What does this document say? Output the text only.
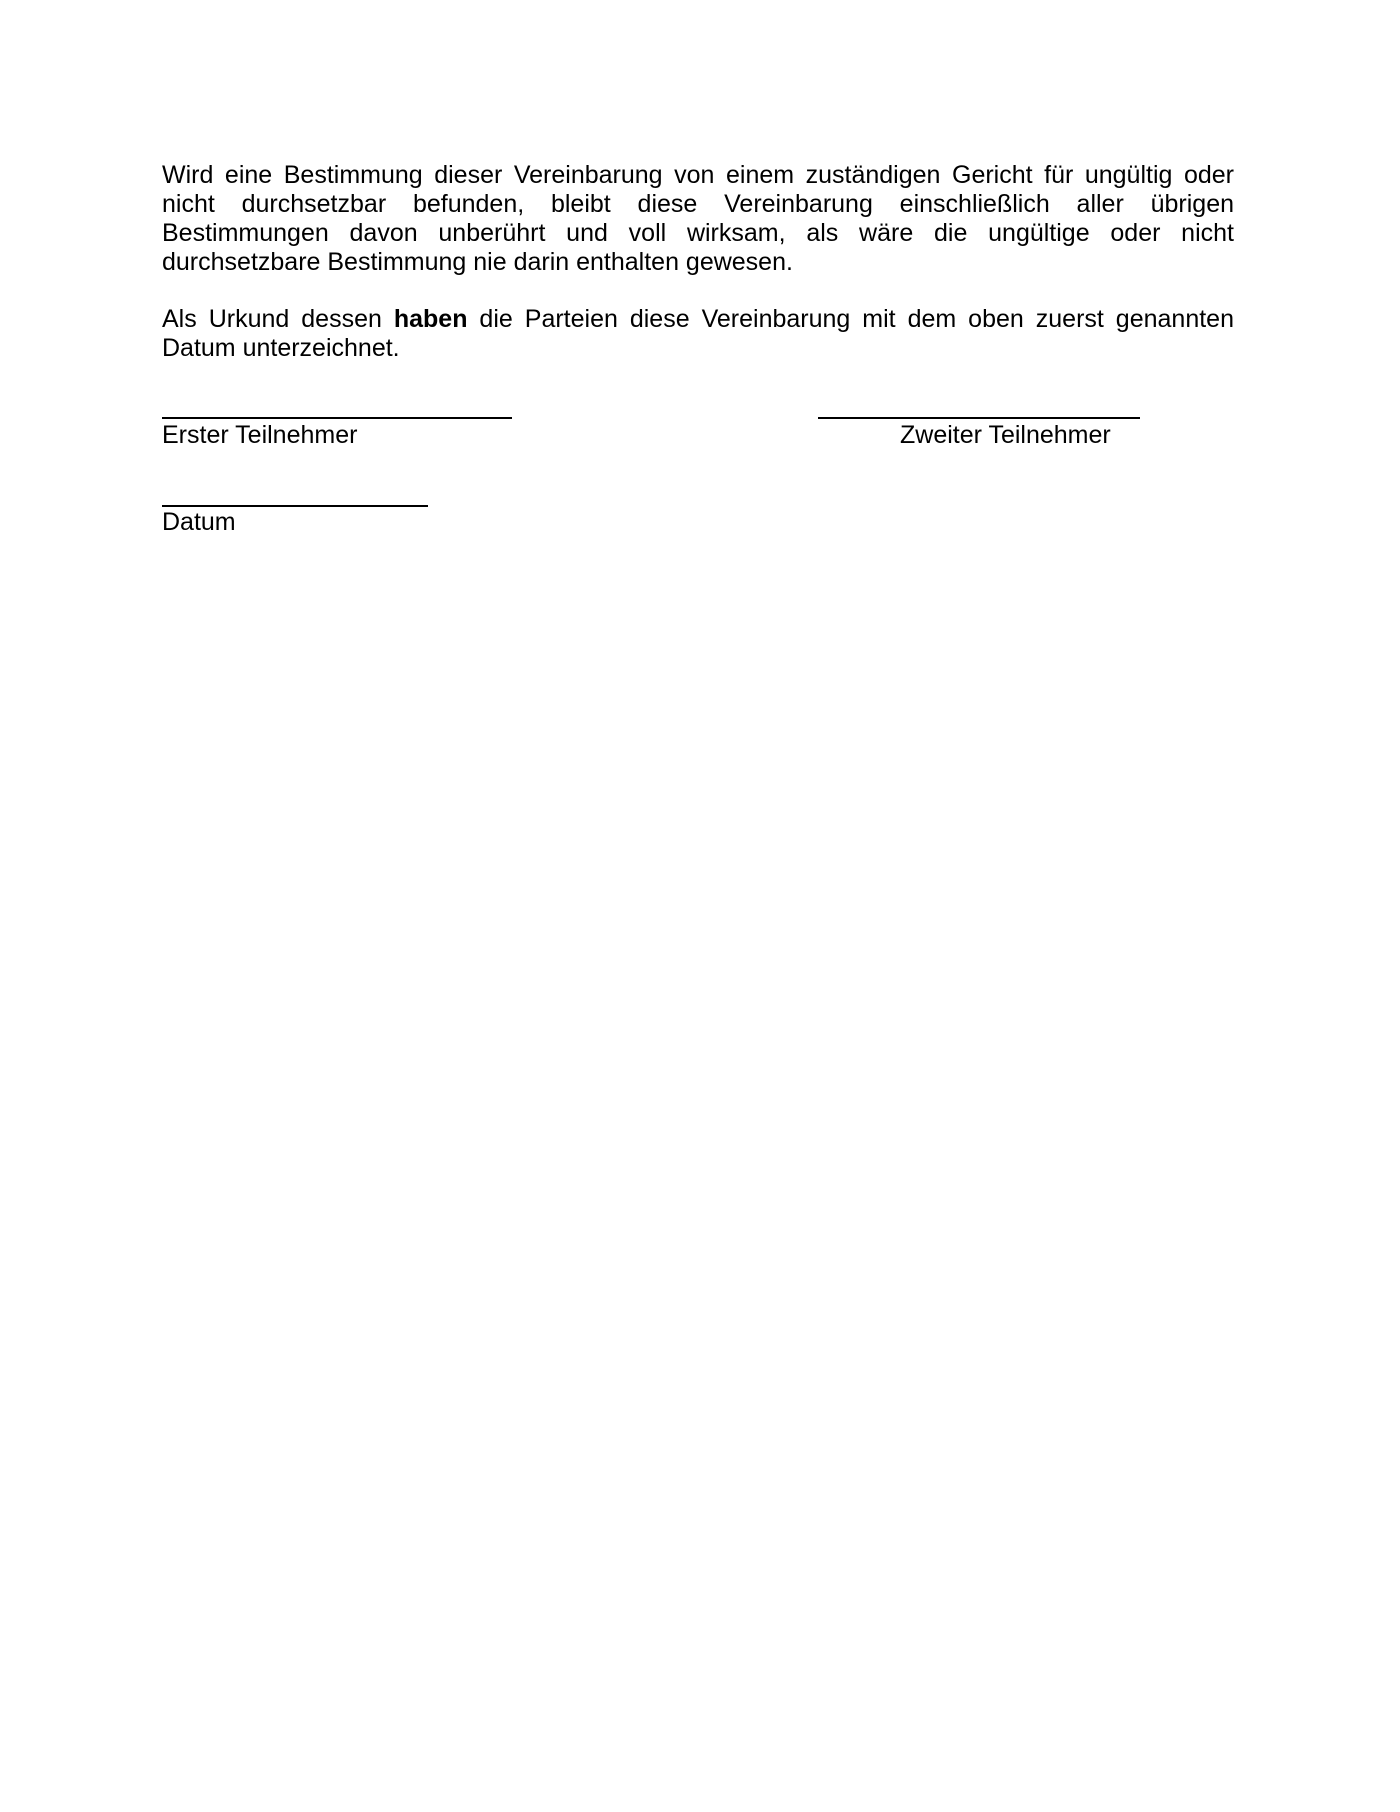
Wird eine Bestimmung dieser Vereinbarung von einem zuständigen Gericht für ungültig oder nicht durchsetzbar befunden, bleibt diese Vereinbarung einschließlich aller übrigen Bestimmungen davon unberührt und voll wirksam, als wäre die ungültige oder nicht durchsetzbare Bestimmung nie darin enthalten gewesen.

Als Urkund dessen haben die Parteien diese Vereinbarung mit dem oben zuerst genannten Datum unterzeichnet.

Erster Teilnehmer	Zweiter Teilnehmer
Datum
